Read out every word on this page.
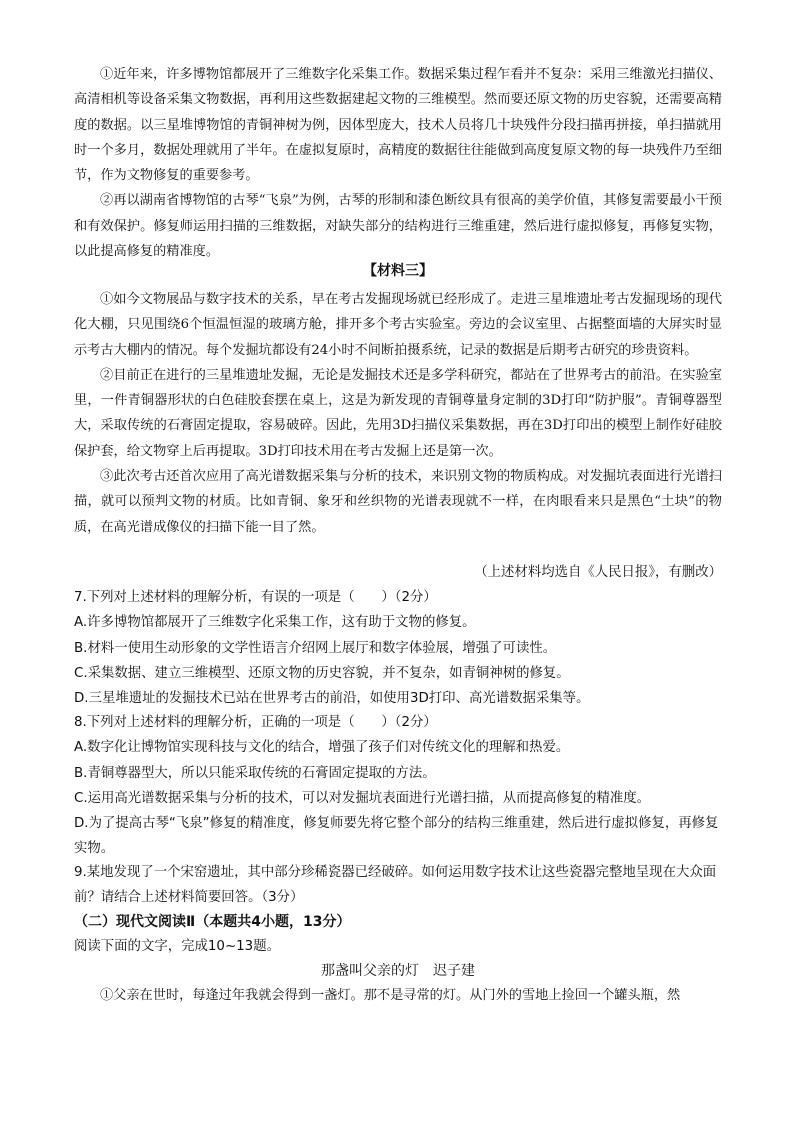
①近年来，许多博物馆都展开了三维数字化采集工作。数据采集过程乍看并不复杂：采用三维激光扫描仪、高清相机等设备采集文物数据，再利用这些数据建起文物的三维模型。然而要还原文物的历史容貌，还需要高精度的数据。以三星堆博物馆的青铜神树为例，因体型庞大，技术人员将几十块残件分段扫描再拼接，单扫描就用时一个多月，数据处理就用了半年。在虚拟复原时，高精度的数据往往能做到高度复原文物的每一块残件乃至细节，作为文物修复的重要参考。

②再以湖南省博物馆的古琴“飞泉”为例，古琴的形制和漆色断纹具有很高的美学价值，其修复需要最小干预和有效保护。修复师运用扫描的三维数据，对缺失部分的结构进行三维重建，然后进行虚拟修复，再修复实物，以此提高修复的精准度。

【材料三】

①如今文物展品与数字技术的关系，早在考古发掘现场就已经形成了。走进三星堆遗址考古发掘现场的现代化大棚，只见围绕6个恒温恒湿的玻璃方舱，排开多个考古实验室。旁边的会议室里、占据整面墙的大屏实时显示考古大棚内的情况。每个发掘坑都设有24小时不间断拍摄系统，记录的数据是后期考古研究的珍贵资料。

②目前正在进行的三星堆遗址发掘，无论是发掘技术还是多学科研究，都站在了世界考古的前沿。在实验室里，一件青铜器形状的白色硅胶套摆在桌上，这是为新发现的青铜尊量身定制的3D打印“防护服”。青铜尊器型大，采取传统的石膏固定提取，容易破碎。因此，先用3D扫描仪采集数据，再在3D打印出的模型上制作好硅胶保护套，给文物穿上后再提取。3D打印技术用在考古发掘上还是第一次。

③此次考古还首次应用了高光谱数据采集与分析的技术，来识别文物的物质构成。对发掘坑表面进行光谱扫描，就可以预判文物的材质。比如青铜、象牙和丝织物的光谱表现就不一样，在肉眼看来只是黑色“土块”的物质，在高光谱成像仪的扫描下能一目了然。

（上述材料均选自《人民日报》，有删改）

7.下列对上述材料的理解分析，有误的一项是（　　）（2分）

A.许多博物馆都展开了三维数字化采集工作，这有助于文物的修复。

B.材料一使用生动形象的文学性语言介绍网上展厅和数字体验展，增强了可读性。

C.采集数据、建立三维模型、还原文物的历史容貌，并不复杂，如青铜神树的修复。

D.三星堆遗址的发掘技术已站在世界考古的前沿，如使用3D打印、高光谱数据采集等。

8.下列对上述材料的理解分析，正确的一项是（　　）（2分）

A.数字化让博物馆实现科技与文化的结合，增强了孩子们对传统文化的理解和热爱。

B.青铜尊器型大，所以只能采取传统的石膏固定提取的方法。

C.运用高光谱数据采集与分析的技术，可以对发掘坑表面进行光谱扫描，从而提高修复的精准度。

D.为了提高古琴“飞泉”修复的精准度，修复师要先将它整个部分的结构三维重建，然后进行虚拟修复，再修复实物。

9.某地发现了一个宋窑遗址，其中部分珍稀瓷器已经破碎。如何运用数字技术让这些瓷器完整地呈现在大众面前？请结合上述材料简要回答。（3分）

（二）现代文阅读Ⅱ（本题共4小题，13分）

阅读下面的文字，完成10~13题。

那盏叫父亲的灯　迟子建

①父亲在世时，每逢过年我就会得到一盏灯。那不是寻常的灯。从门外的雪地上捡回一个罐头瓶，然
